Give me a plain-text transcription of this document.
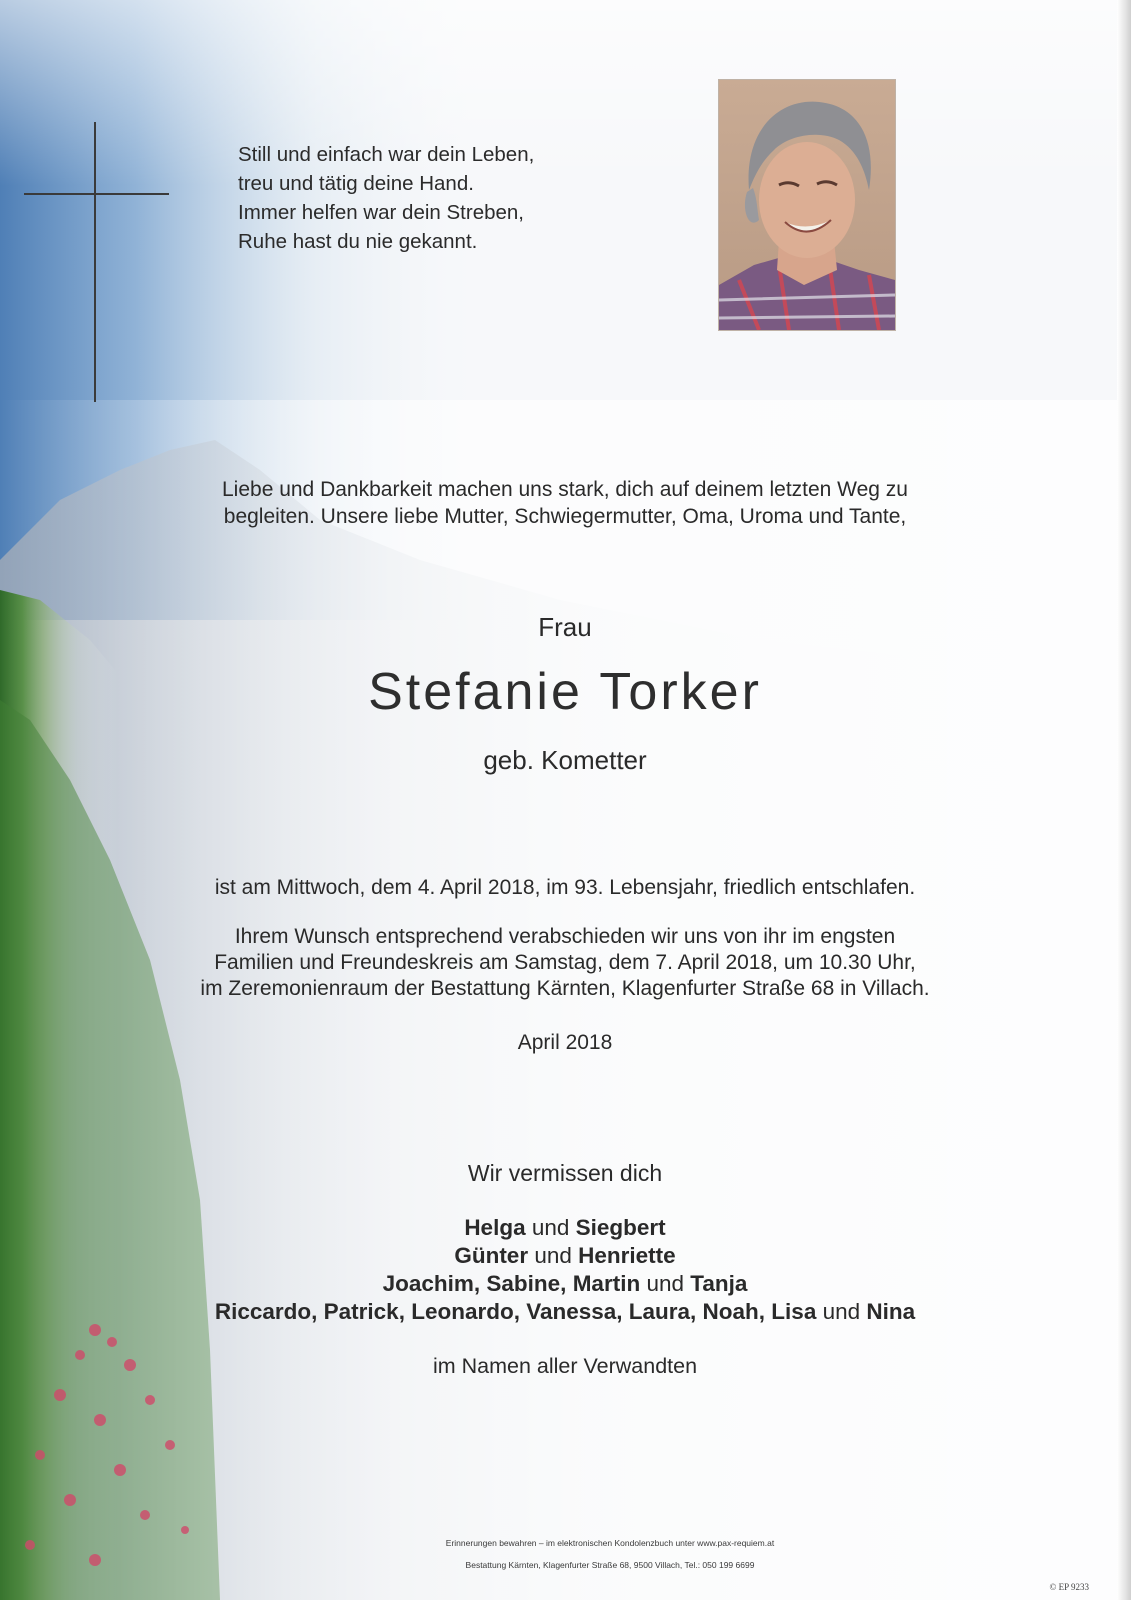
Still und einfach war dein Leben,
treu und tätig deine Hand.
Immer helfen war dein Streben,
Ruhe hast du nie gekannt.
Liebe und Dankbarkeit machen uns stark, dich auf deinem letzten Weg zu
begleiten. Unsere liebe Mutter, Schwiegermutter, Oma, Uroma und Tante,
Frau
Stefanie Torker
geb. Kometter
ist am Mittwoch, dem 4. April 2018, im 93. Lebensjahr, friedlich entschlafen.
Ihrem Wunsch entsprechend verabschieden wir uns von ihr im engsten
Familien und Freundeskreis am Samstag, dem 7. April 2018, um 10.30 Uhr,
im Zeremonienraum der Bestattung Kärnten, Klagenfurter Straße 68 in Villach.
April 2018
Wir vermissen dich
Helga und Siegbert
Günter und Henriette
Joachim, Sabine, Martin und Tanja
Riccardo, Patrick, Leonardo, Vanessa, Laura, Noah, Lisa und Nina
im Namen aller Verwandten
Erinnerungen bewahren – im elektronischen Kondolenzbuch unter www.pax-requiem.at
Bestattung Kärnten, Klagenfurter Straße 68, 9500 Villach, Tel.: 050 199 6699
© EP 9233
